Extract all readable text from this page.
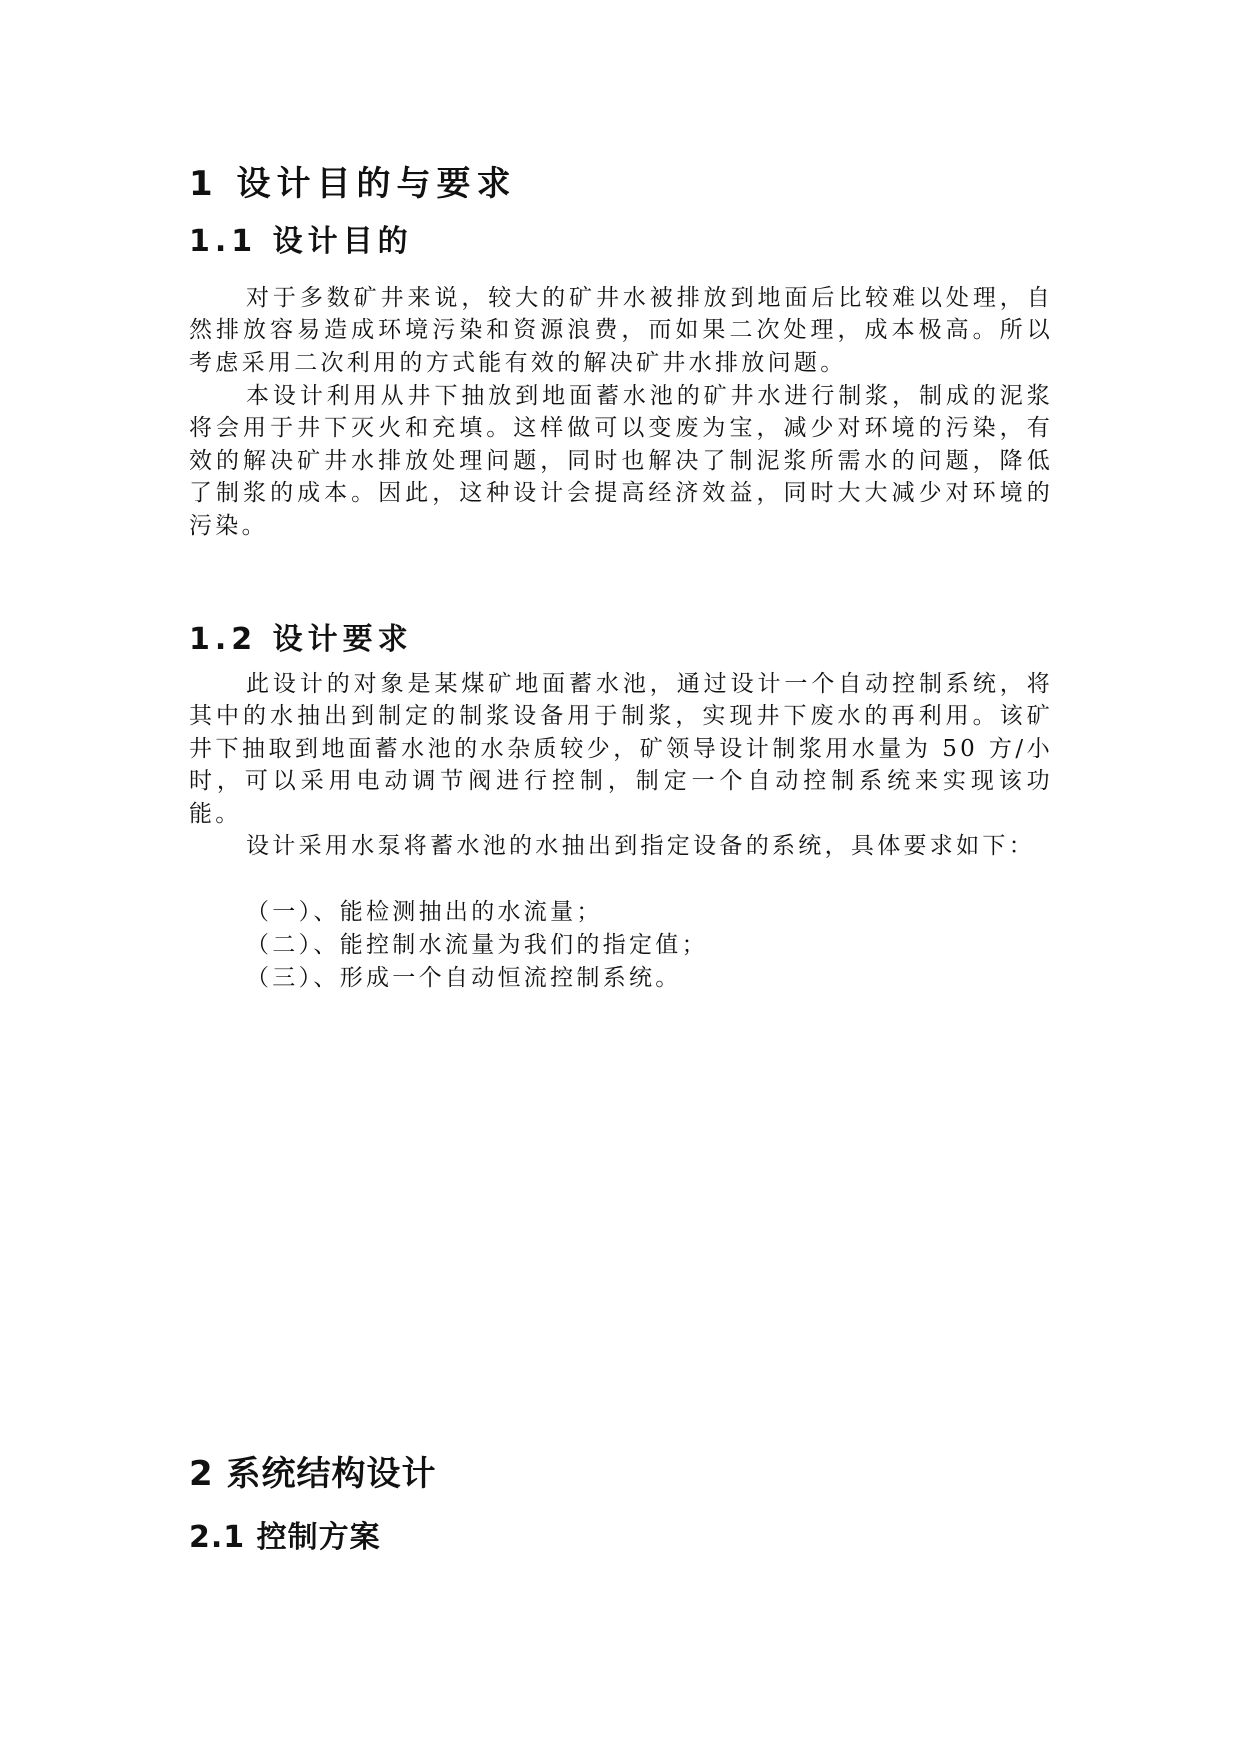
1 设计目的与要求
1.1 设计目的

对于多数矿井来说，较大的矿井水被排放到地面后比较难以处理，自然排放容易造成环境污染和资源浪费，而如果二次处理，成本极高。所以考虑采用二次利用的方式能有效的解决矿井水排放问题。

本设计利用从井下抽放到地面蓄水池的矿井水进行制浆，制成的泥浆将会用于井下灭火和充填。这样做可以变废为宝，减少对环境的污染，有效的解决矿井水排放处理问题，同时也解决了制泥浆所需水的问题，降低了制浆的成本。因此，这种设计会提高经济效益，同时大大减少对环境的污染。

1.2 设计要求

此设计的对象是某煤矿地面蓄水池，通过设计一个自动控制系统，将其中的水抽出到制定的制浆设备用于制浆，实现井下废水的再利用。该矿井下抽取到地面蓄水池的水杂质较少，矿领导设计制浆用水量为 50 方/小时，可以采用电动调节阀进行控制，制定一个自动控制系统来实现该功能。

设计采用水泵将蓄水池的水抽出到指定设备的系统，具体要求如下：

（一）、能检测抽出的水流量；

（二）、能控制水流量为我们的指定值；

（三）、形成一个自动恒流控制系统。

2 系统结构设计
2.1 控制方案
